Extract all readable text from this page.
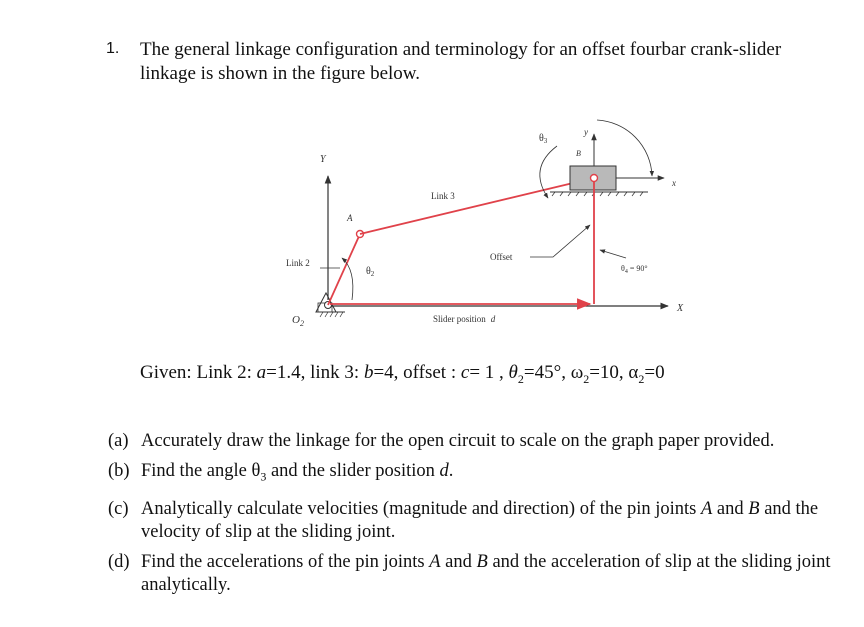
1. The general linkage configuration and terminology for an offset fourbar crank-slider linkage is shown in the figure below.
Y
X
$O_2$
Link 2
$\theta_2$
A
Link 3
$\theta_3$
B
y
x
Offset
$\theta_4 = 90^\circ$
Slider position d
Given: Link 2: a=1.4, link 3: b=4, offset : c= 1 , $\theta_2=45^\circ$, $\omega_2=10$, $\alpha_2=0$
(a) Accurately draw the linkage for the open circuit to scale on the graph paper provided.
(b) Find the angle $\theta_3$ and the slider position d.
(c) Analytically calculate velocities (magnitude and direction) of the pin joints A and B and the velocity of slip at the sliding joint.
(d) Find the accelerations of the pin joints A and B and the acceleration of slip at the sliding joint analytically.
